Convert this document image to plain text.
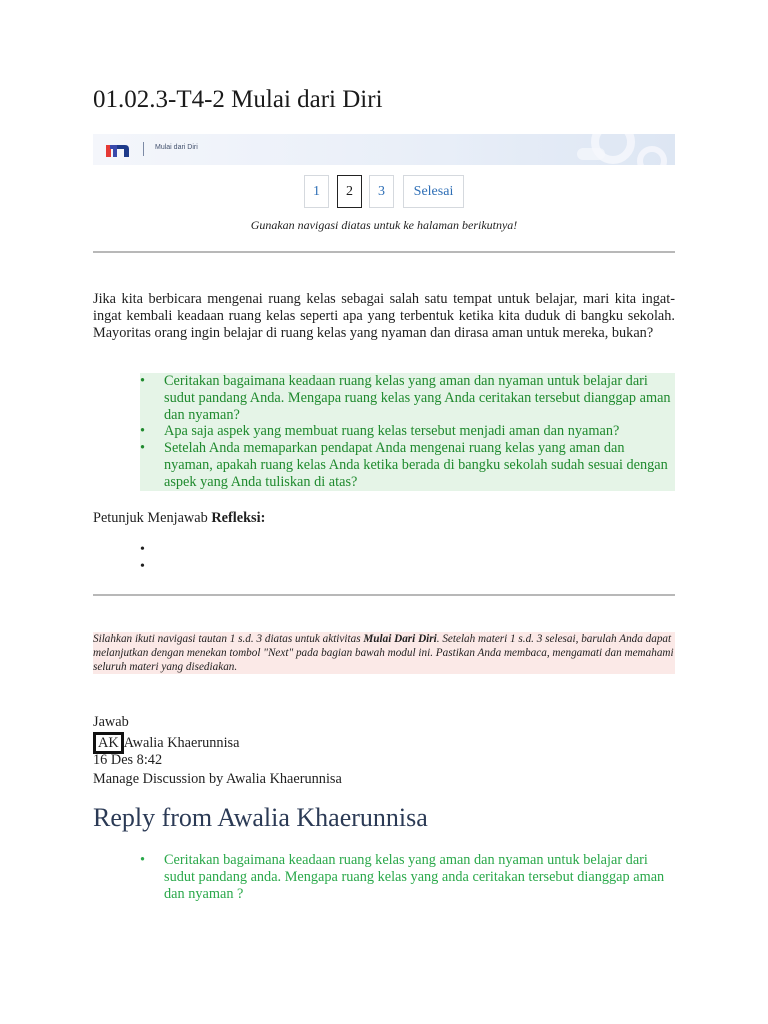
01.02.3-T4-2 Mulai dari Diri
Mulai dari Diri
1	2	3	Selesai

Gunakan navigasi diatas untuk ke halaman berikutnya!

Jika kita berbicara mengenai ruang kelas sebagai salah satu tempat untuk belajar, mari kita ingat-ingat kembali keadaan ruang kelas seperti apa yang terbentuk ketika kita duduk di bangku sekolah. Mayoritas orang ingin belajar di ruang kelas yang nyaman dan dirasa aman untuk mereka, bukan?

• Ceritakan bagaimana keadaan ruang kelas yang aman dan nyaman untuk belajar dari sudut pandang Anda. Mengapa ruang kelas yang Anda ceritakan tersebut dianggap aman dan nyaman?
• Apa saja aspek yang membuat ruang kelas tersebut menjadi aman dan nyaman?
• Setelah Anda memaparkan pendapat Anda mengenai ruang kelas yang aman dan nyaman, apakah ruang kelas Anda ketika berada di bangku sekolah sudah sesuai dengan aspek yang Anda tuliskan di atas?

Petunjuk Menjawab Refleksi:

Silahkan ikuti navigasi tautan 1 s.d. 3 diatas untuk aktivitas Mulai Dari Diri. Setelah materi 1 s.d. 3 selesai, barulah Anda dapat melanjutkan dengan menekan tombol "Next" pada bagian bawah modul ini. Pastikan Anda membaca, mengamati dan memahami seluruh materi yang disediakan.
Jawab
AK Awalia Khaerunnisa
16 Des 8:42
Manage Discussion by Awalia Khaerunnisa
Reply from Awalia Khaerunnisa
• Ceritakan bagaimana keadaan ruang kelas yang aman dan nyaman untuk belajar dari sudut pandang anda. Mengapa ruang kelas yang anda ceritakan tersebut dianggap aman dan nyaman ?
